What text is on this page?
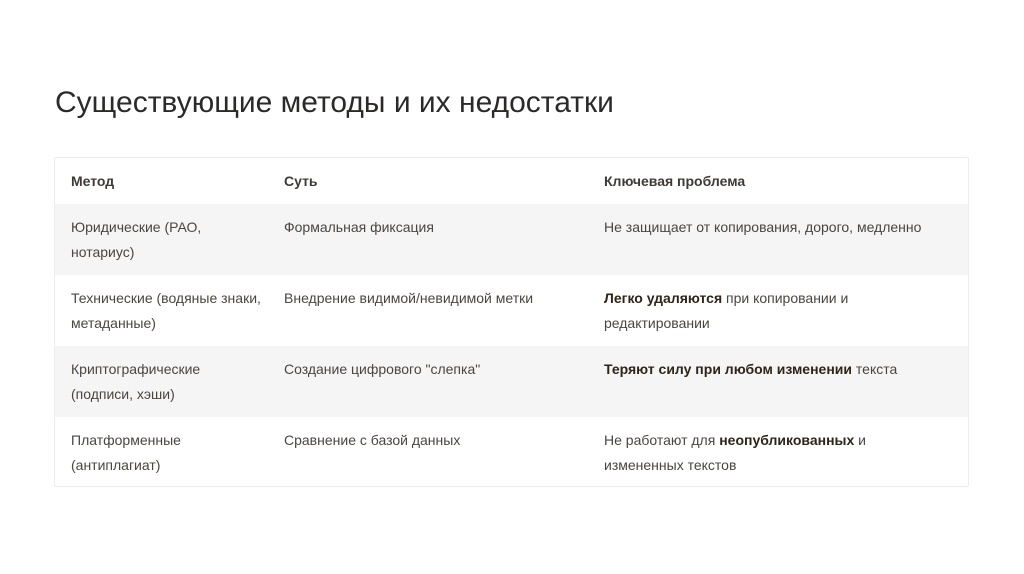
Существующие методы и их недостатки
Метод	Суть	Ключевая проблема

Юридические (РАО, нотариус)	Формальная фиксация	Не защищает от копирования, дорого, медленно

Технические (водяные знаки, метаданные)	Внедрение видимой/невидимой метки	Легко удаляются при копировании и редактировании

Криптографические (подписи, хэши)	Создание цифрового "слепка"	Теряют силу при любом изменении текста

Платформенные (антиплагиат)	Сравнение с базой данных	Не работают для неопубликованных и измененных текстов
